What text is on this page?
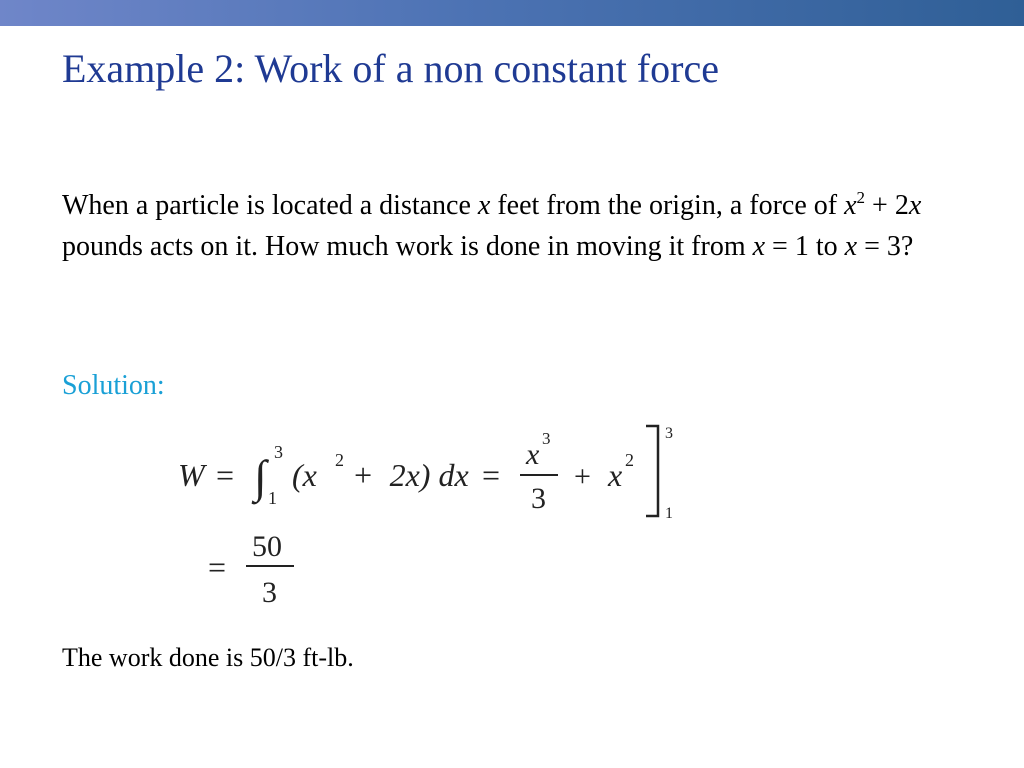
Example 2: Work of a non constant force

When a particle is located a distance x feet from the origin, a force of $x^2 + 2x$ pounds acts on it. How much work is done in moving it from x = 1 to x = 3?

Solution:

W = ∫ 3
1
(x 2 +  2x) dx =
x 3
3
+ x 2
3
1
=
50
3

The work done is 50/3 ft-lb.
